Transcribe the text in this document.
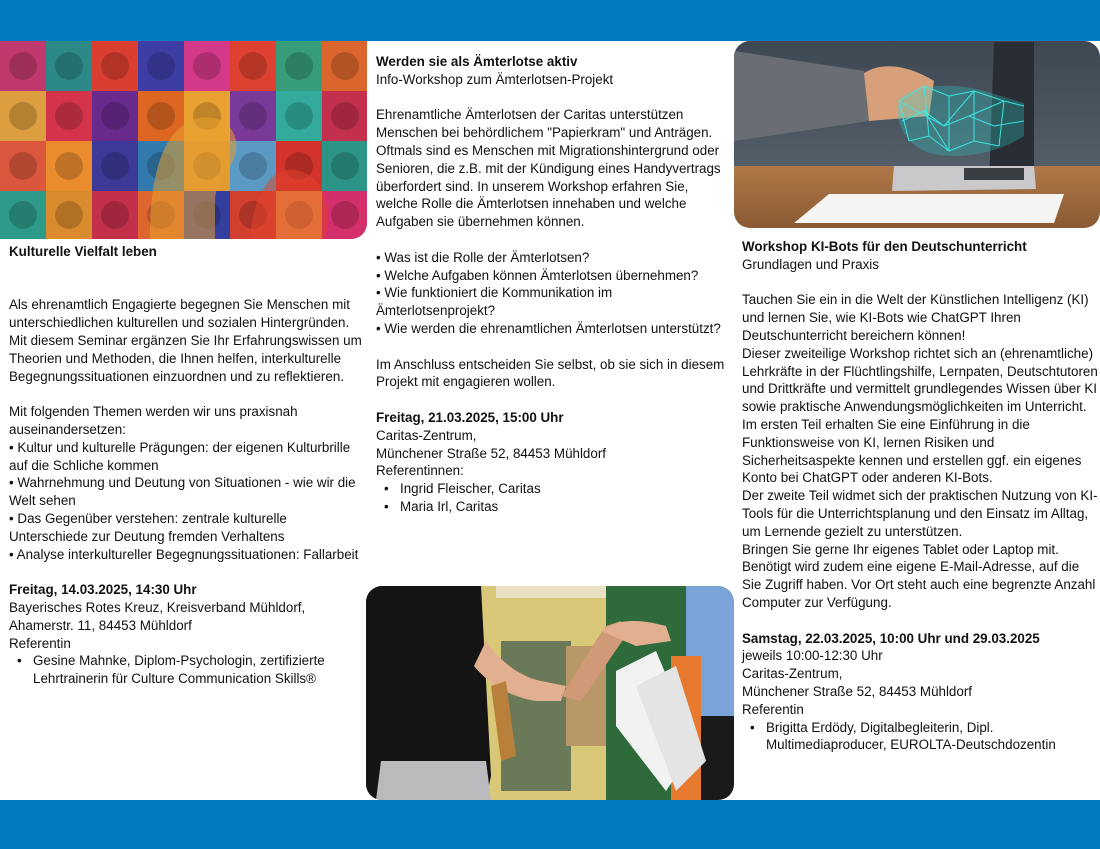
Kulturelle Vielfalt leben

Als ehrenamtlich Engagierte begegnen Sie Menschen mit unterschiedlichen kulturellen und sozialen Hintergründen. Mit diesem Seminar ergänzen Sie Ihr Erfahrungswissen um Theorien und Methoden, die Ihnen helfen, interkulturelle Begegnungssituationen einzuordnen und zu reflektieren.

Mit folgenden Themen werden wir uns praxisnah auseinandersetzen:

• Kultur und kulturelle Prägungen: der eigenen Kulturbrille auf die Schliche kommen

• Wahrnehmung und Deutung von Situationen - wie wir die Welt sehen

• Das Gegenüber verstehen: zentrale kulturelle Unterschiede zur Deutung fremden Verhaltens

• Analyse interkultureller Begegnungssituationen: Fallarbeit

Freitag, 14.03.2025, 14:30 Uhr

Bayerisches Rotes Kreuz, Kreisverband Mühldorf,

Ahamerstr. 11, 84453 Mühldorf

Referentin

• Gesine Mahnke, Diplom-Psychologin, zertifizierte Lehrtrainerin für Culture Communication Skills®

Werden sie als Ämterlotse aktiv

Info-Workshop zum Ämterlotsen-Projekt

Ehrenamtliche Ämterlotsen der Caritas unterstützen Menschen bei behördlichem "Papierkram" und Anträgen. Oftmals sind es Menschen mit Migrationshintergrund oder Senioren, die z.B. mit der Kündigung eines Handyvertrags überfordert sind. In unserem Workshop erfahren Sie, welche Rolle die Ämterlotsen innehaben und welche Aufgaben sie übernehmen können.

• Was ist die Rolle der Ämterlotsen?

• Welche Aufgaben können Ämterlotsen übernehmen?

• Wie funktioniert die Kommunikation im Ämterlotsenprojekt?

• Wie werden die ehrenamtlichen Ämterlotsen unterstützt?

Im Anschluss entscheiden Sie selbst, ob sie sich in diesem Projekt mit engagieren wollen.

Freitag, 21.03.2025, 15:00 Uhr

Caritas-Zentrum,

Münchener Straße 52, 84453 Mühldorf

Referentinnen:

• Ingrid Fleischer, Caritas
• Maria Irl, Caritas

Workshop KI-Bots für den Deutschunterricht

Grundlagen und Praxis

Tauchen Sie ein in die Welt der Künstlichen Intelligenz (KI) und lernen Sie, wie KI-Bots wie ChatGPT Ihren Deutschunterricht bereichern können!

Dieser zweiteilige Workshop richtet sich an (ehrenamtliche) Lehrkräfte in der Flüchtlingshilfe, Lernpaten, Deutschtutoren und Drittkräfte und vermittelt grundlegendes Wissen über KI sowie praktische Anwendungsmöglichkeiten im Unterricht.

Im ersten Teil erhalten Sie eine Einführung in die Funktionsweise von KI, lernen Risiken und Sicherheitsaspekte kennen und erstellen ggf. ein eigenes Konto bei ChatGPT oder anderen KI-Bots.

Der zweite Teil widmet sich der praktischen Nutzung von KI-Tools für die Unterrichtsplanung und den Einsatz im Alltag, um Lernende gezielt zu unterstützen.

Bringen Sie gerne Ihr eigenes Tablet oder Laptop mit. Benötigt wird zudem eine eigene E-Mail-Adresse, auf die Sie Zugriff haben. Vor Ort steht auch eine begrenzte Anzahl Computer zur Verfügung.

Samstag, 22.03.2025, 10:00 Uhr und 29.03.2025

jeweils 10:00-12:30 Uhr

Caritas-Zentrum,

Münchener Straße 52, 84453 Mühldorf

Referentin

• Brigitta Erdödy, Digitalbegleiterin, Dipl. Multimediaproducer, EUROLTA-Deutschdozentin
